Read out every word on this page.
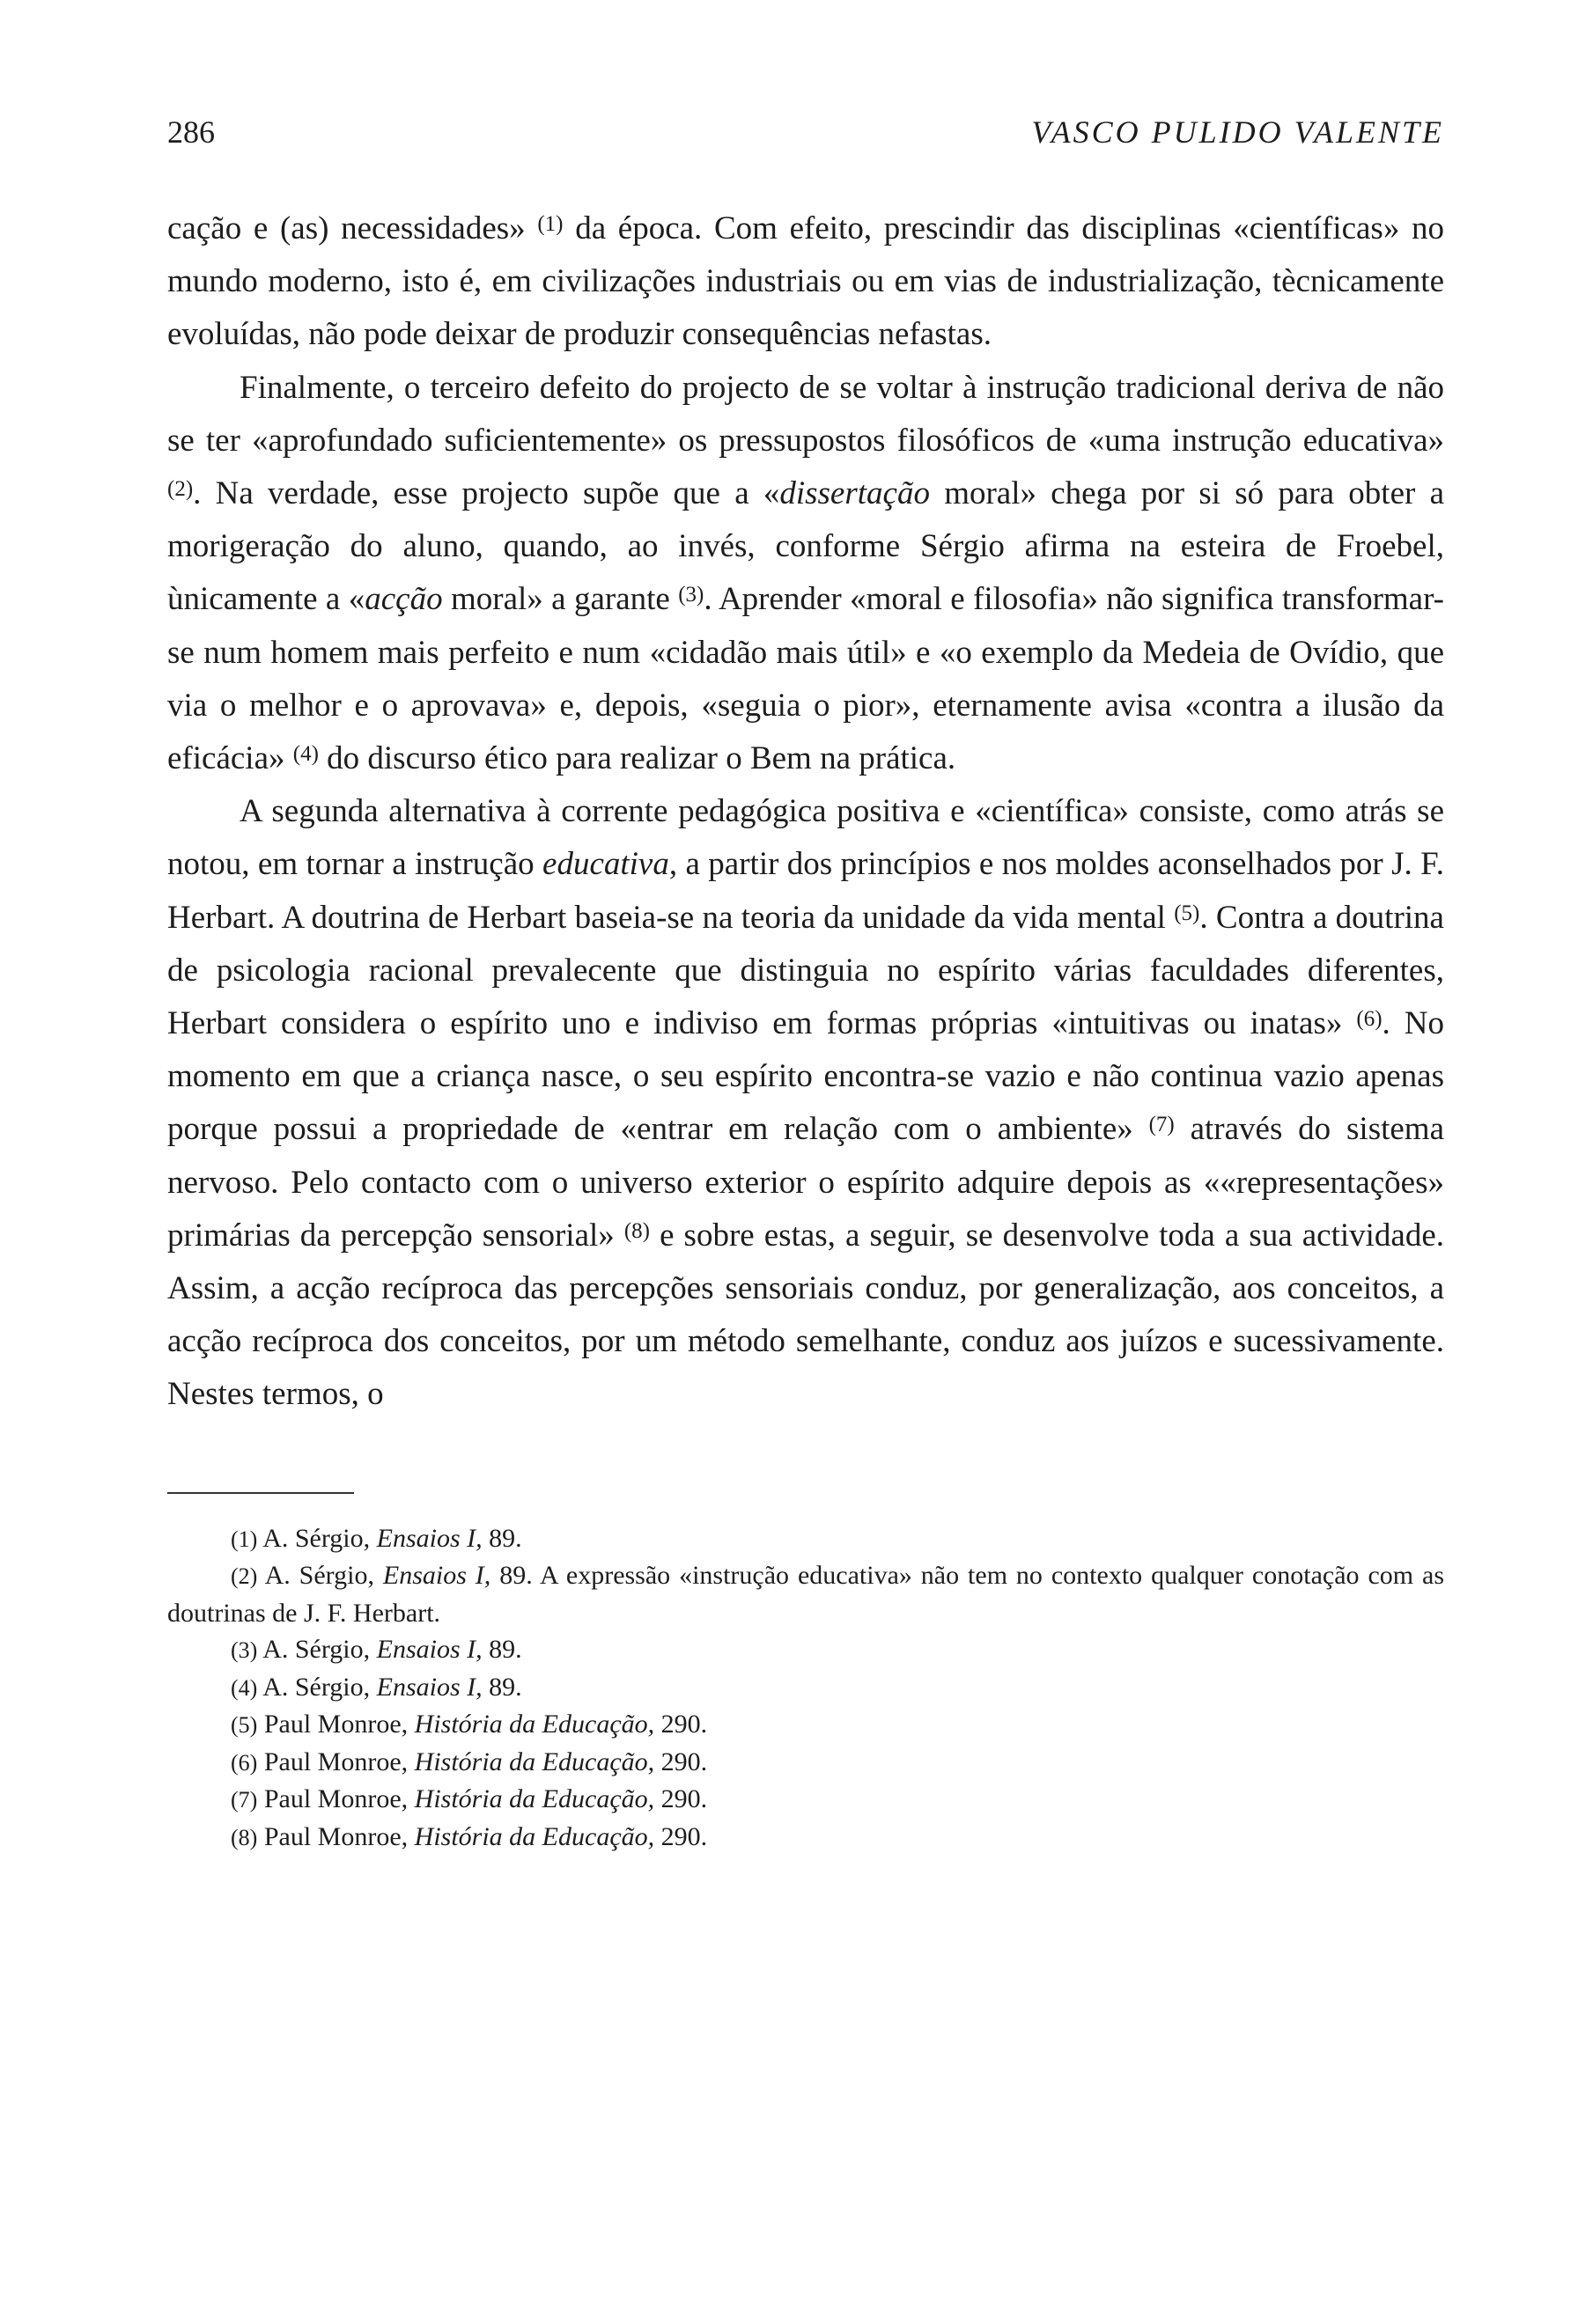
286	VASCO PULIDO VALENTE

cação e (as) necessidades» $^{(1)}$ da época. Com efeito, prescindir das disciplinas «científicas» no mundo moderno, isto é, em civilizações industriais ou em vias de industrialização, tècnicamente evoluídas, não pode deixar de produzir consequências nefastas.

Finalmente, o terceiro defeito do projecto de se voltar à instrução tradicional deriva de não se ter «aprofundado suficientemente» os pressupostos filosóficos de «uma instrução educativa» $^{(2)}$. Na verdade, esse projecto supõe que a «dissertação moral» chega por si só para obter a morigeração do aluno, quando, ao invés, conforme Sérgio afirma na esteira de Froebel, ùnicamente a «acção moral» a garante $^{(3)}$. Aprender «moral e filosofia» não significa transformar-se num homem mais perfeito e num «cidadão mais útil» e «o exemplo da Medeia de Ovídio, que via o melhor e o aprovava» e, depois, «seguia o pior», eternamente avisa «contra a ilusão da eficácia» $^{(4)}$ do discurso ético para realizar o Bem na prática.

A segunda alternativa à corrente pedagógica positiva e «científica» consiste, como atrás se notou, em tornar a instrução educativa, a partir dos princípios e nos moldes aconselhados por J. F. Herbart. A doutrina de Herbart baseia-se na teoria da unidade da vida mental $^{(5)}$. Contra a doutrina de psicologia racional prevalecente que distinguia no espírito várias faculdades diferentes, Herbart considera o espírito uno e indiviso em formas próprias «intuitivas ou inatas» $^{(6)}$. No momento em que a criança nasce, o seu espírito encontra-se vazio e não continua vazio apenas porque possui a propriedade de «entrar em relação com o ambiente» $^{(7)}$ através do sistema nervoso. Pelo contacto com o universo exterior o espírito adquire depois as ««representações» primárias da percepção sensorial» $^{(8)}$ e sobre estas, a seguir, se desenvolve toda a sua actividade. Assim, a acção recíproca das percepções sensoriais conduz, por generalização, aos conceitos, a acção recíproca dos conceitos, por um método semelhante, conduz aos juízos e sucessivamente. Nestes termos, o

(1) A. Sérgio, Ensaios I, 89.

(2) A. Sérgio, Ensaios I, 89. A expressão «instrução educativa» não tem no contexto qualquer conotação com as doutrinas de J. F. Herbart.

(3) A. Sérgio, Ensaios I, 89.

(4) A. Sérgio, Ensaios I, 89.

(5) Paul Monroe, História da Educação, 290.

(6) Paul Monroe, História da Educação, 290.

(7) Paul Monroe, História da Educação, 290.

(8) Paul Monroe, História da Educação, 290.
